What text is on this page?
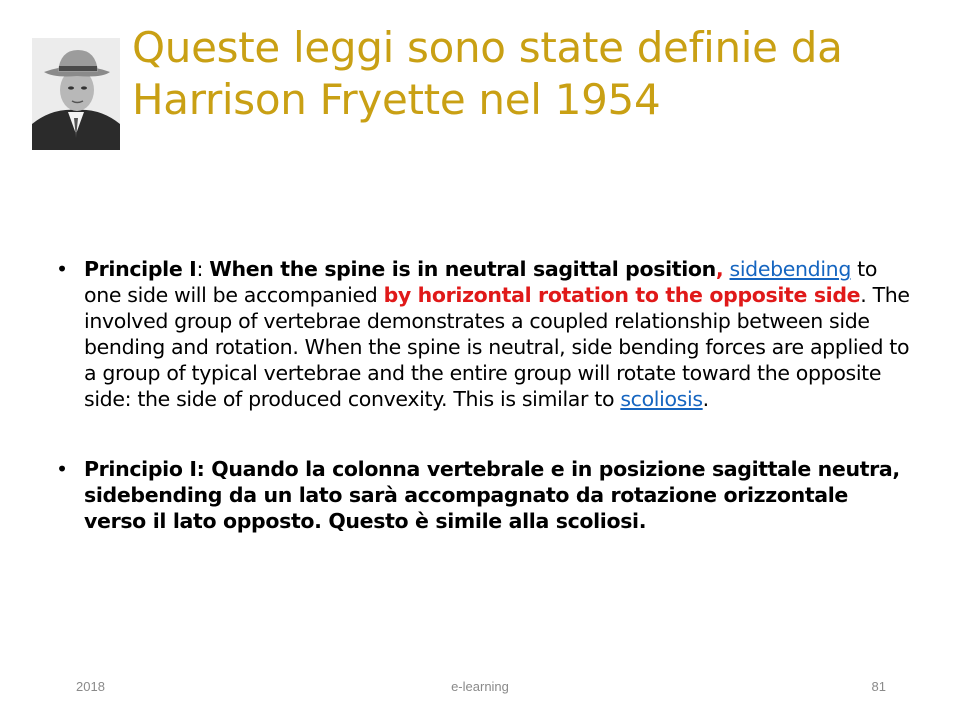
Queste leggi sono state definie da
Harrison Fryette nel 1954
• Principle I: When the spine is in neutral sagittal position, sidebending to one side will be accompanied by horizontal rotation to the opposite side. The involved group of vertebrae demonstrates a coupled relationship between side bending and rotation. When the spine is neutral, side bending forces are applied to a group of typical vertebrae and the entire group will rotate toward the opposite side: the side of produced convexity. This is similar to scoliosis.
• Principio I: Quando la colonna vertebrale e in posizione sagittale neutra, sidebending da un lato sarà accompagnato da rotazione orizzontale verso il lato opposto. Questo è simile alla scoliosi.
2018	e-learning	81
